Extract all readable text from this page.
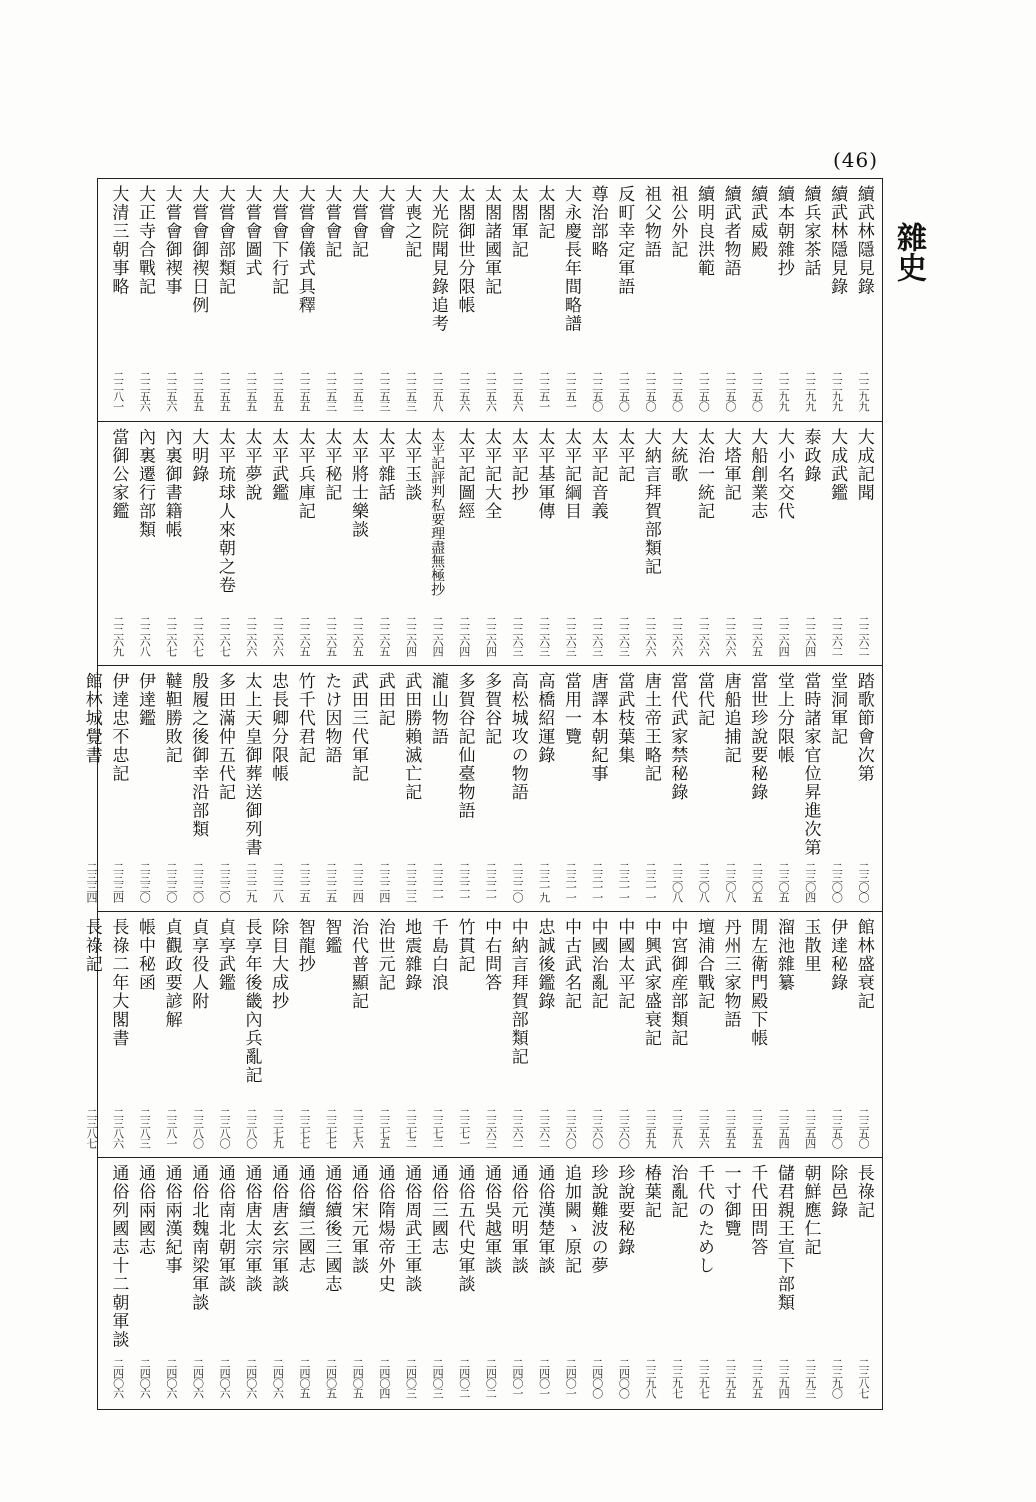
(46)
雜史
續武林隱見錄
二二九九
續武林隱見錄
二二九九
續兵家茶話
二二九九
續本朝雜抄
二二九九
續武威殿
二二五〇
續武者物語
二二五〇
續明良洪範
二二五〇
祖公外記
二二五〇
祖父物語
二二五〇
反町幸定軍語
二二五〇
尊治部略
二二五〇
大永慶長年間略譜
二二五一
太閤記
二二五一
太閤軍記
二二五六
太閤諸國軍記
二二五六
太閤御世分限帳
二二五六
大光院聞見錄追考
二二五八
大喪之記
二二五三
大嘗會
二二五三
大嘗會記
二二五三
大嘗會記
二二五三
大嘗會儀式具釋
二二五五
大嘗會下行記
二二五五
大嘗會圖式
二二五五
大嘗會部類記
二二五五
大嘗會御禊日例
二二五五
大嘗會御禊事
二二五六
大正寺合戰記
二二五六
大清三朝事略
二二八一
大成記聞
二二六二
大成武鑑
二二六二
泰政錄
二二六四
大小名交代
二二六四
大船創業志
二二六五
大塔軍記
二二六六
太治一統記
二二六六
大統歌
二二六六
大納言拜賀部類記
二二六六
太平記
二二六三
太平記音義
二二六三
太平記綱目
二二六三
太平基軍傳
二二六三
太平記抄
二二六三
太平記大全
二二六四
太平記圖經
二二六四
太平記評判私要理盡無極抄
二二六四
太平玉談
二二六四
太平雜話
二二六五
太平將士樂談
二二六五
太平秘記
二二六五
太平兵庫記
二二六五
太平武鑑
二二六六
太平夢說
二二六六
太平琉球人來朝之卷
二二六七
大明錄
二二六七
內裏御書籍帳
二二六七
內裏遷行部類
二二六八
當御公家鑑
二二六九
踏歌節會次第
二三〇〇
堂洞軍記
二三〇〇
當時諸家官位昇進次第
二三〇四
堂上分限帳
二三〇五
當世珍說要秘錄
二三〇五
唐船追捕記
二三〇八
當代記
二三〇八
當代武家禁秘錄
二三〇八
唐土帝王略記
二三一一
當武枝葉集
二三一一
唐譯本朝紀事
二三一一
當用一覽
二三一一
高橋紹運錄
二三一九
高松城攻の物語
二三二〇
多賀谷記
二三二一
多賀谷記仙臺物語
二三二一
瀧山物語
二三二一
武田勝賴滅亡記
二三二三
武田記
二三二四
武田三代軍記
二三二四
たけ因物語
二三二五
竹千代君記
二三二五
忠長卿分限帳
二三二八
太上天皇御葬送御列書
二三二九
多田滿仲五代記
二三三〇
殷履之後御幸沿部類
二三三〇
韃靼勝敗記
二三三〇
伊達鑑
二三三〇
伊達忠不忠記
二三三四
館林城覺書
二三三四
館林盛衰記
二三五〇
伊達秘錄
二三五〇
玉散里
二三五四
溜池雜纂
二三五四
閒左衛門殿下帳
二三五五
丹州三家物語
二三五五
壇浦合戰記
二三五六
中宮御産部類記
二三五八
中興武家盛衰記
二三五九
中國太平記
二三六〇
中國治亂記
二三六〇
中古武名記
二三六〇
忠誠後鑑錄
二三六二
中納言拜賀部類記
二三六二
中右問答
二三六三
竹貫記
二三七一
千島白浪
二三七二
地震雜錄
二三七二
治世元記
二三七五
治代普顯記
二三七六
智鑑
二三七七
智龍抄
二三七七
除目大成抄
二三七九
長享年後畿內兵亂記
二三八〇
貞享武鑑
二三八〇
貞享役人附
二三八〇
貞觀政要諺解
二三八一
帳中秘函
二三八三
長祿二年大閣書
二三八六
長祿記
二三八七
長祿記
二三八七
除邑錄
二三九〇
朝鮮應仁記
二三九三
儲君親王宣下部類
二三九四
千代田問答
二三九五
一寸御覽
二三九五
千代のためし
二三九七
治亂記
二三九七
椿葉記
二三九八
珍說要秘錄
二四〇〇
珍說難波の夢
二四〇〇
追加闕ゝ原記
二四〇一
通俗漢楚軍談
二四〇一
通俗元明軍談
二四〇一
通俗吳越軍談
二四〇二
通俗五代史軍談
二四〇二
通俗三國志
二四〇三
通俗周武王軍談
二四〇三
通俗隋煬帝外史
二四〇四
通俗宋元軍談
二四〇五
通俗續後三國志
二四〇五
通俗續三國志
二四〇五
通俗唐玄宗軍談
二四〇六
通俗唐太宗軍談
二四〇六
通俗南北朝軍談
二四〇六
通俗北魏南梁軍談
二四〇六
通俗兩漢紀事
二四〇六
通俗兩國志
二四〇六
通俗列國志十二朝軍談
二四〇六
